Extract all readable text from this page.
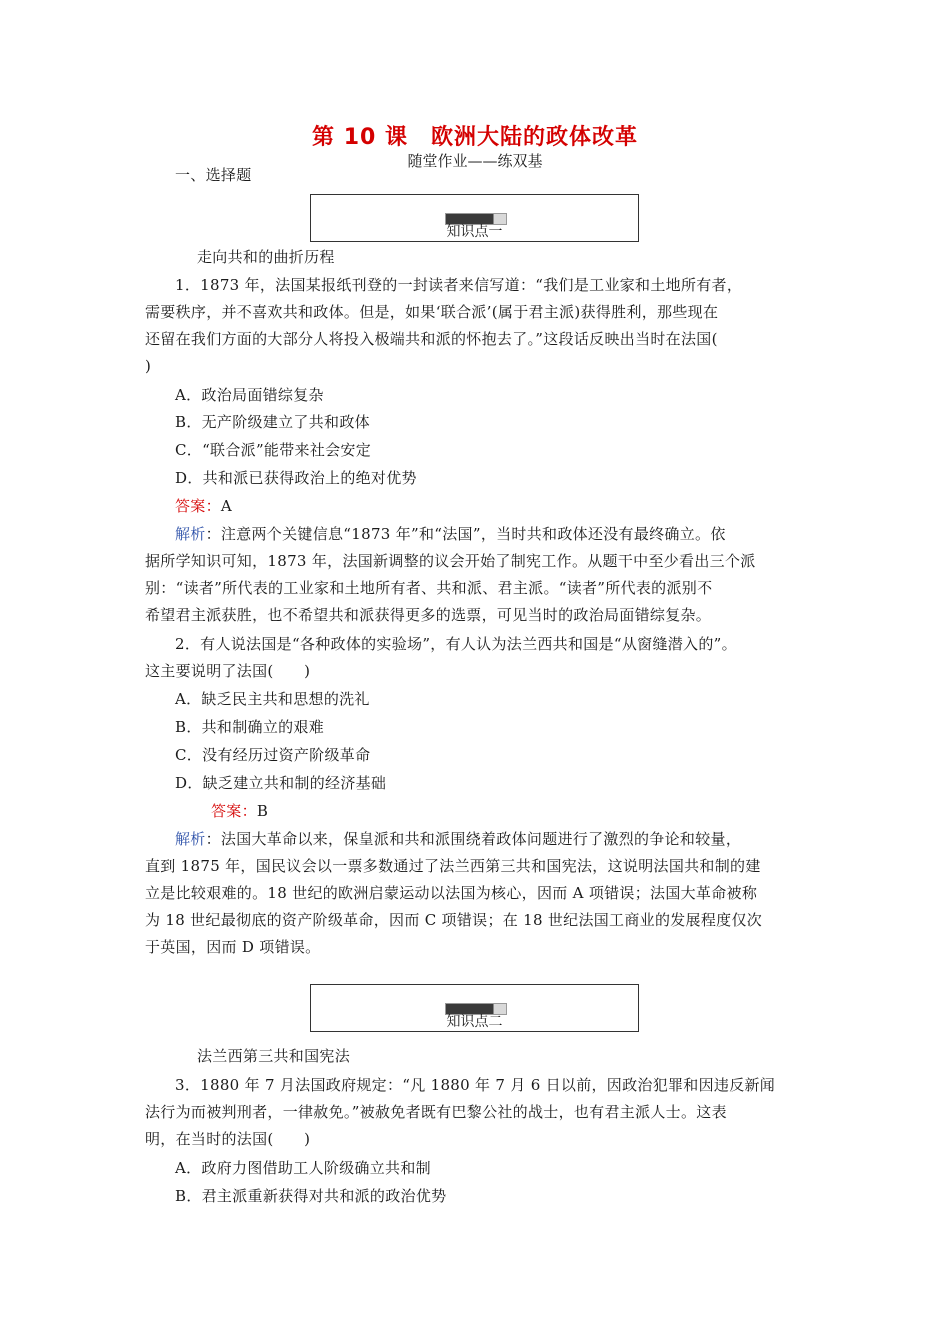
第 10 课　欧洲大陆的政体改革
随堂作业——练双基
一、选择题
知识点一
走向共和的曲折历程
1．1873 年，法国某报纸刊登的一封读者来信写道：“我们是工业家和土地所有者，
需要秩序，并不喜欢共和政体。但是，如果‘联合派’(属于君主派)获得胜利，那些现在
还留在我们方面的大部分人将投入极端共和派的怀抱去了。”这段话反映出当时在法国(
)
A．政治局面错综复杂
B．无产阶级建立了共和政体
C．“联合派”能带来社会安定
D．共和派已获得政治上的绝对优势
答案：A
解析：注意两个关键信息“1873 年”和“法国”，当时共和政体还没有最终确立。依
据所学知识可知，1873 年，法国新调整的议会开始了制宪工作。从题干中至少看出三个派
别：“读者”所代表的工业家和土地所有者、共和派、君主派。“读者”所代表的派别不
希望君主派获胜，也不希望共和派获得更多的选票，可见当时的政治局面错综复杂。
2．有人说法国是“各种政体的实验场”，有人认为法兰西共和国是“从窗缝潜入的”。
这主要说明了法国(　　)
A．缺乏民主共和思想的洗礼
B．共和制确立的艰难
C．没有经历过资产阶级革命
D．缺乏建立共和制的经济基础
答案：B
解析：法国大革命以来，保皇派和共和派围绕着政体问题进行了激烈的争论和较量，
直到 1875 年，国民议会以一票多数通过了法兰西第三共和国宪法，这说明法国共和制的建
立是比较艰难的。18 世纪的欧洲启蒙运动以法国为核心，因而 A 项错误；法国大革命被称
为 18 世纪最彻底的资产阶级革命，因而 C 项错误；在 18 世纪法国工商业的发展程度仅次
于英国，因而 D 项错误。
知识点二
法兰西第三共和国宪法
3．1880 年 7 月法国政府规定：“凡 1880 年 7 月 6 日以前，因政治犯罪和因违反新闻
法行为而被判刑者，一律赦免。”被赦免者既有巴黎公社的战士，也有君主派人士。这表
明，在当时的法国(　　)
A．政府力图借助工人阶级确立共和制
B．君主派重新获得对共和派的政治优势
